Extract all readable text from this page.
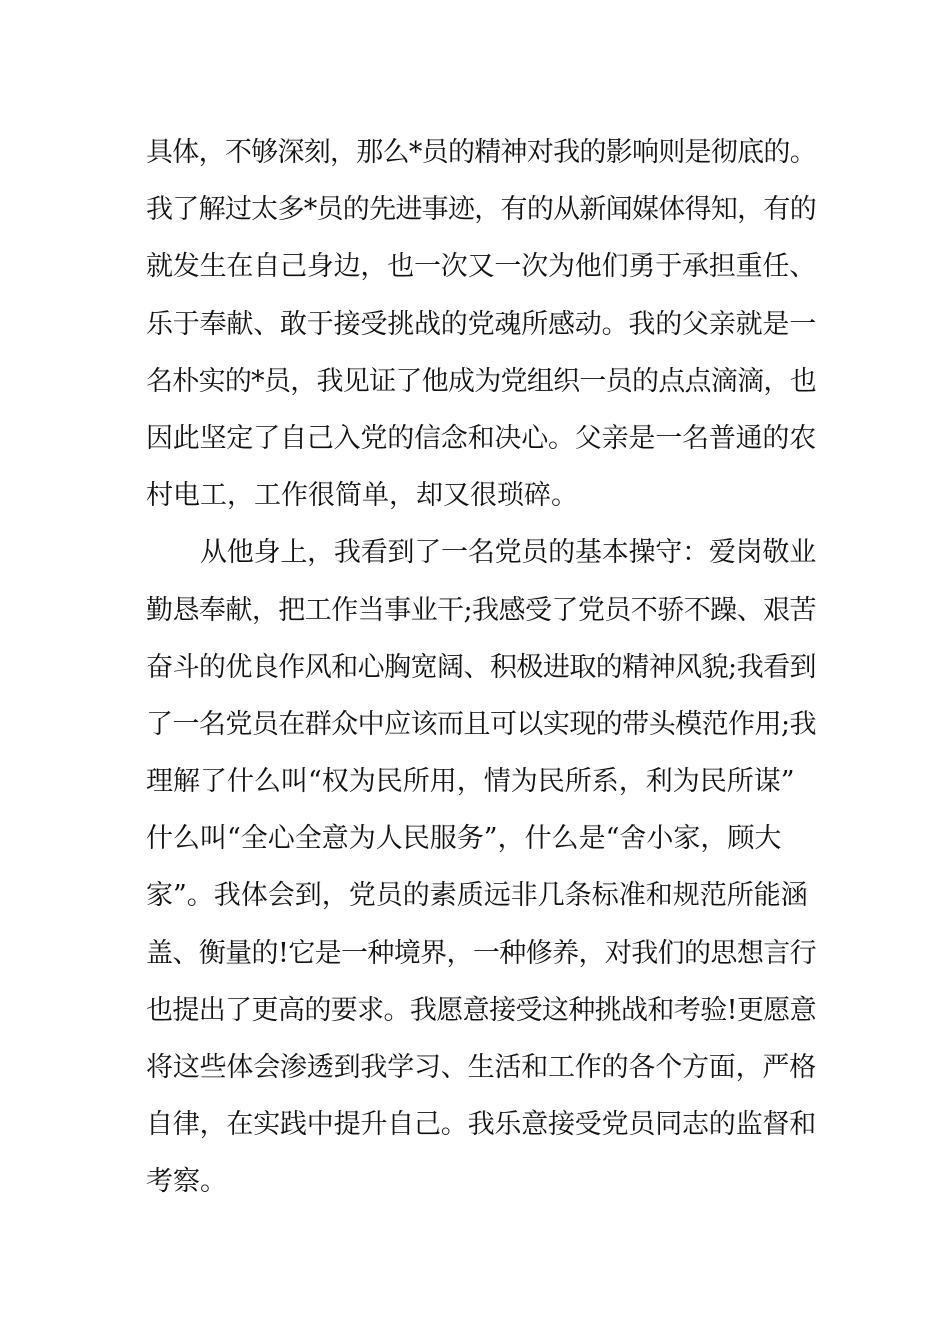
具体，不够深刻，那么*员的精神对我的影响则是彻底的。
我了解过太多*员的先进事迹，有的从新闻媒体得知，有的
就发生在自己身边，也一次又一次为他们勇于承担重任、
乐于奉献、敢于接受挑战的党魂所感动。我的父亲就是一
名朴实的*员，我见证了他成为党组织一员的点点滴滴，也
因此坚定了自己入党的信念和决心。父亲是一名普通的农
村电工，工作很简单，却又很琐碎。
从他身上，我看到了一名党员的基本操守：爱岗敬业
勤恳奉献，把工作当事业干;我感受了党员不骄不躁、艰苦
奋斗的优良作风和心胸宽阔、积极进取的精神风貌;我看到
了一名党员在群众中应该而且可以实现的带头模范作用;我
理解了什么叫“权为民所用，情为民所系，利为民所谋”
什么叫“全心全意为人民服务”，什么是“舍小家，顾大
家”。我体会到，党员的素质远非几条标准和规范所能涵
盖、衡量的!它是一种境界，一种修养，对我们的思想言行
也提出了更高的要求。我愿意接受这种挑战和考验!更愿意
将这些体会渗透到我学习、生活和工作的各个方面，严格
自律，在实践中提升自己。我乐意接受党员同志的监督和
考察。
